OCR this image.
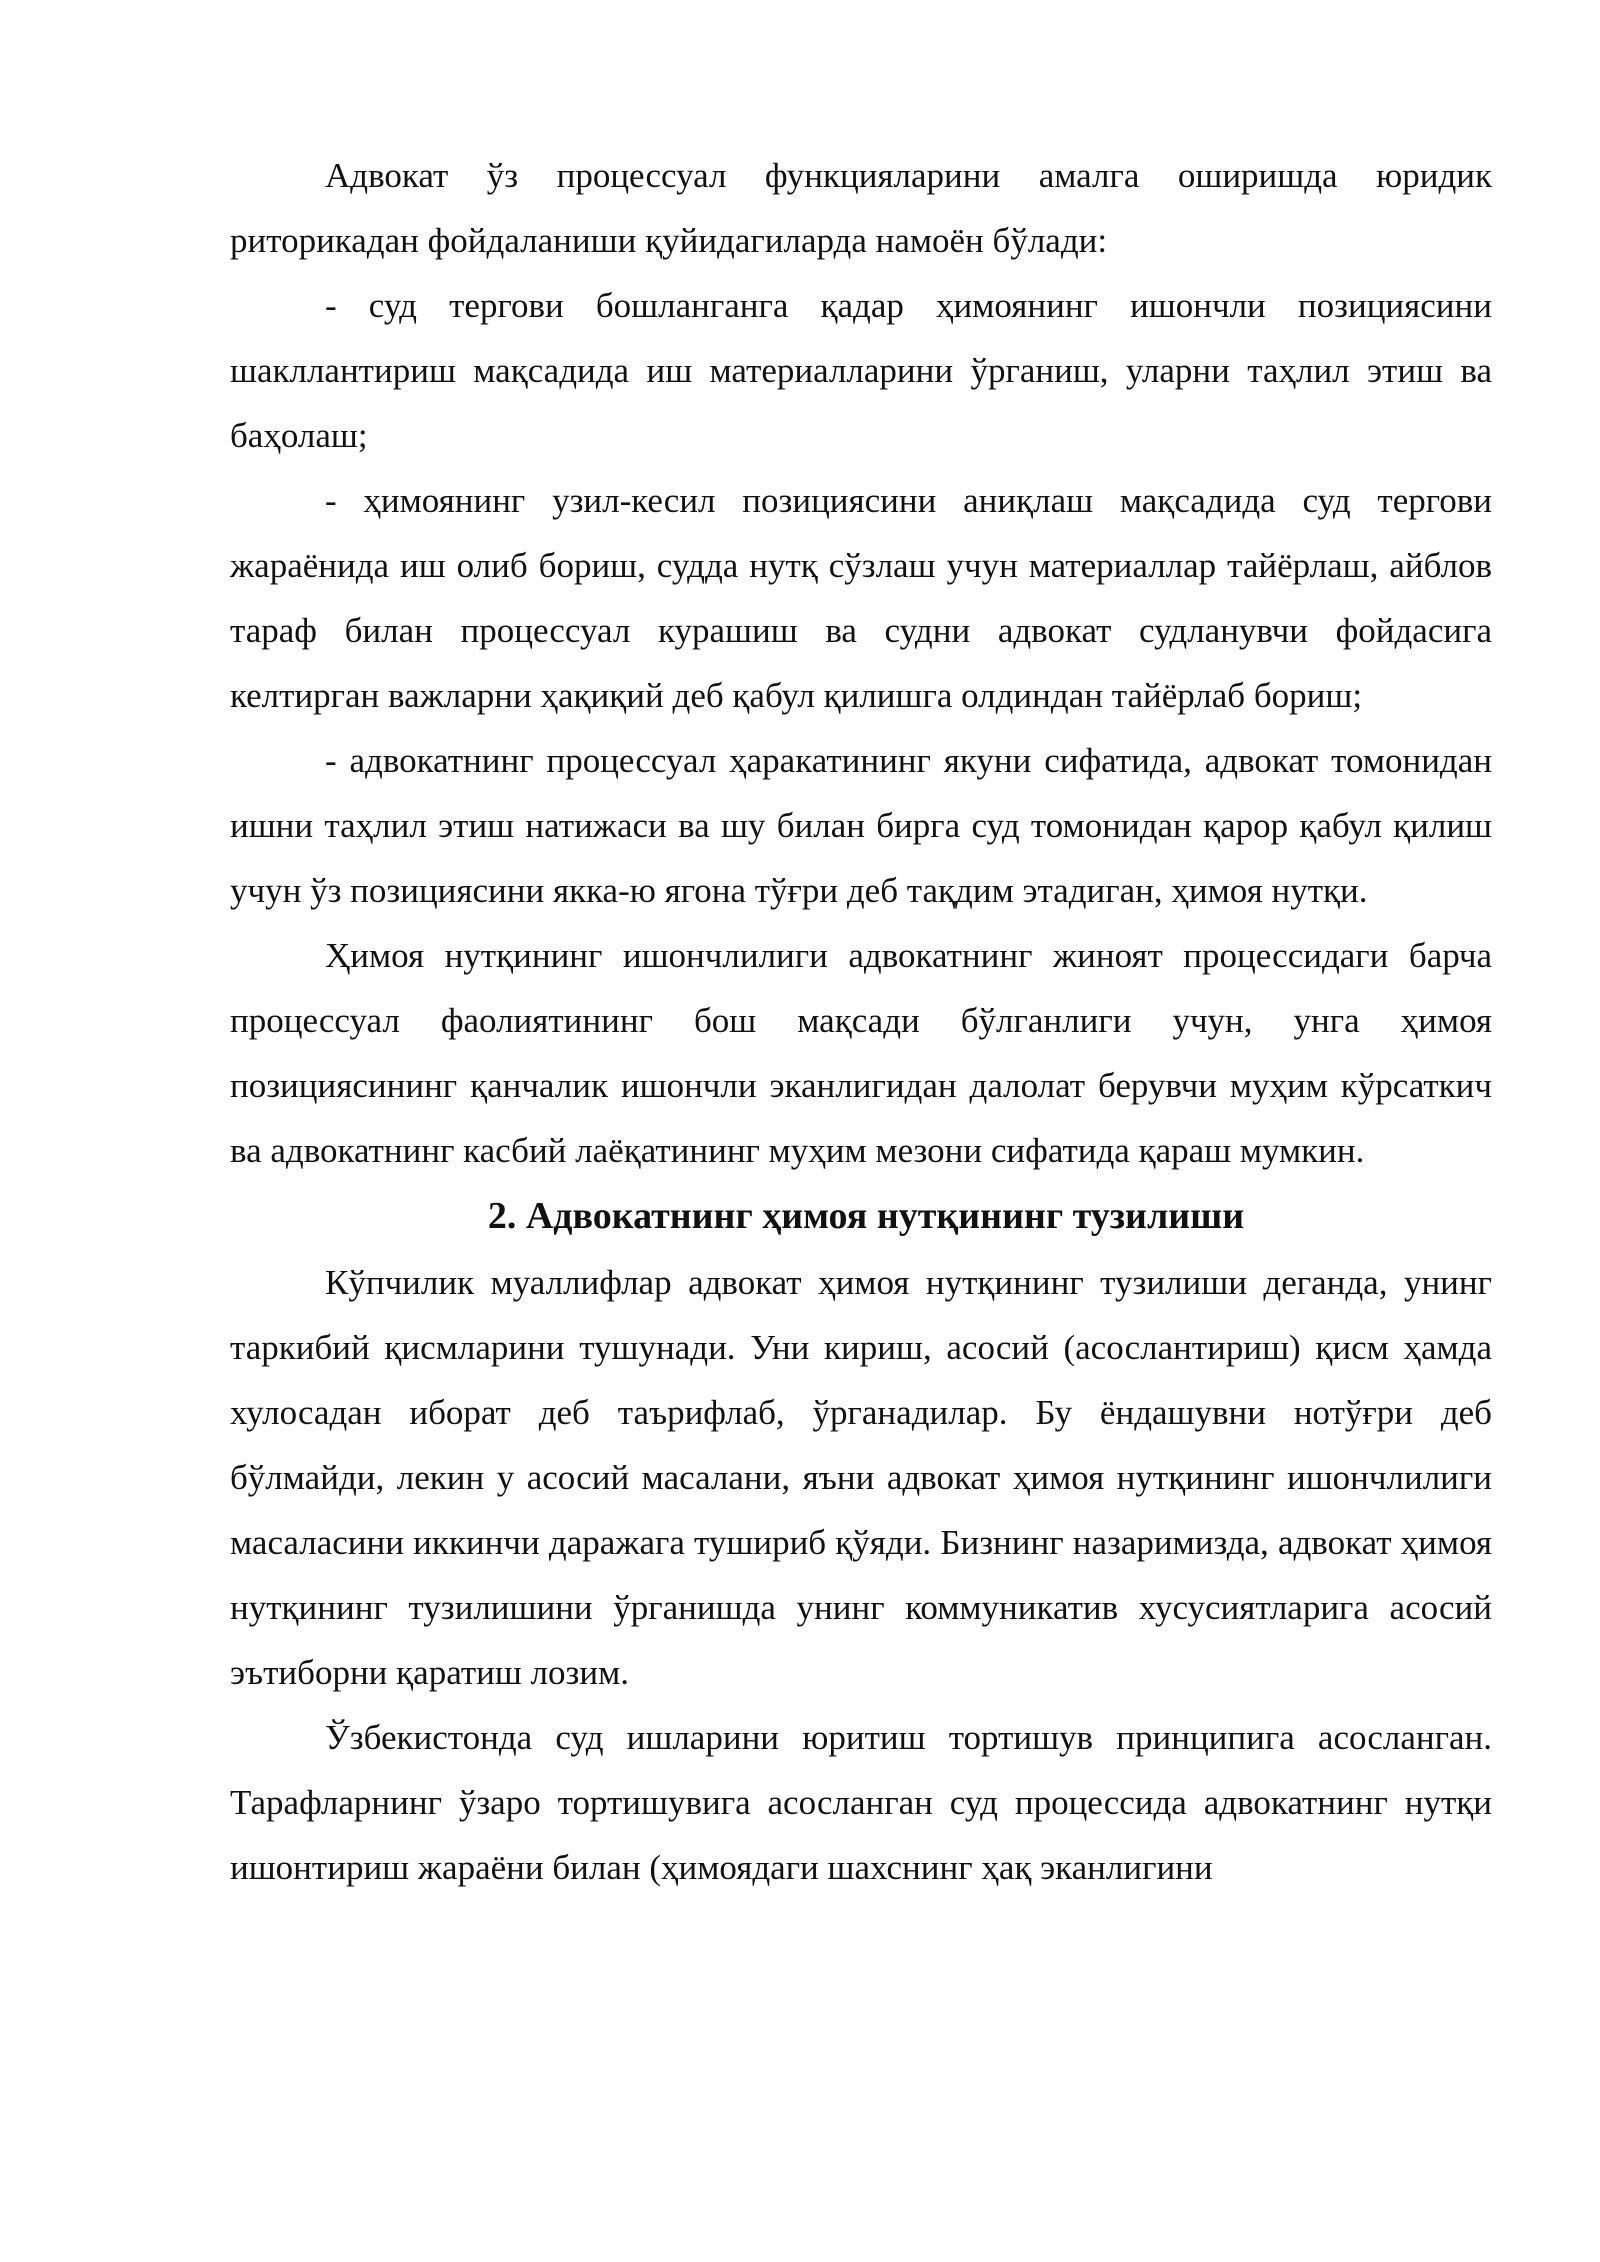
Адвокат ўз процессуал функцияларини амалга оширишда юридик риторикадан фойдаланиши қуйидагиларда намоён бўлади:

- суд тергови бошланганга қадар ҳимоянинг ишончли позициясини шакллантириш мақсадида иш материалларини ўрганиш, уларни таҳлил этиш ва баҳолаш;

- ҳимоянинг узил-кесил позициясини аниқлаш мақсадида суд тергови жараёнида иш олиб бориш, судда нутқ сўзлаш учун материаллар тайёрлаш, айблов тараф билан процессуал курашиш ва судни адвокат судланувчи фойдасига келтирган важларни ҳақиқий деб қабул қилишга олдиндан тайёрлаб бориш;

- адвокатнинг процессуал ҳаракатининг якуни сифатида, адвокат томонидан ишни таҳлил этиш натижаси ва шу билан бирга суд томонидан қарор қабул қилиш учун ўз позициясини якка-ю ягона тўғри деб тақдим этадиган, ҳимоя нутқи.

Ҳимоя нутқининг ишончлилиги адвокатнинг жиноят процессидаги барча процессуал фаолиятининг бош мақсади бўлганлиги учун, унга ҳимоя позициясининг қанчалик ишончли эканлигидан далолат берувчи муҳим кўрсаткич ва адвокатнинг касбий лаёқатининг муҳим мезони сифатида қараш мумкин.

2. Адвокатнинг ҳимоя нутқининг тузилиши

Кўпчилик муаллифлар адвокат ҳимоя нутқининг тузилиши деганда, унинг таркибий қисмларини тушунади. Уни кириш, асосий (асослантириш) қисм ҳамда хулосадан иборат деб таърифлаб, ўрганадилар. Бу ёндашувни нотўғри деб бўлмайди, лекин у асосий масалани, яъни адвокат ҳимоя нутқининг ишончлилиги масаласини иккинчи даражага тушириб қўяди. Бизнинг назаримизда, адвокат ҳимоя нутқининг тузилишини ўрганишда унинг коммуникатив хусусиятларига асосий эътиборни қаратиш лозим.

Ўзбекистонда суд ишларини юритиш тортишув принципига асосланган. Тарафларнинг ўзаро тортишувига асосланган суд процессида адвокатнинг нутқи ишонтириш жараёни билан (ҳимоядаги шахснинг ҳақ эканлигини
